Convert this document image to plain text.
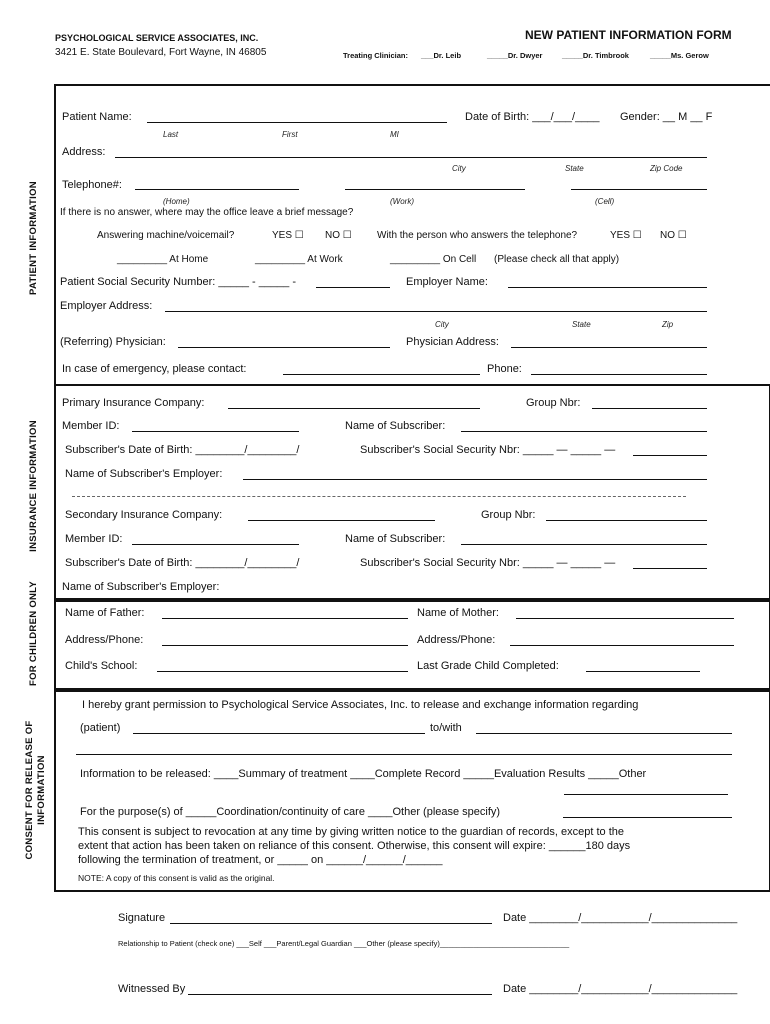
PSYCHOLOGICAL SERVICE ASSOCIATES, INC.
3421 E. State Boulevard, Fort Wayne, IN 46805
NEW PATIENT INFORMATION FORM
Treating Clinician: ___Dr. Leib	_____Dr. Dwyer	_____Dr. Timbrook	_____Ms. Gerow
PATIENT INFORMATION
INSURANCE INFORMATION
FOR CHILDREN ONLY
CONSENT FOR RELEASE OF INFORMATION
Patient Name:
Last	First	MI
Date of Birth: ___/___/____ Gender: __ M __ F
Address:
City	State	Zip Code
Telephone#:
(Home)	(Work)	(Cell)
If there is no answer, where may the office leave a brief message?
Answering machine/voicemail?	YES ☐ NO ☐	With the person who answers the telephone?	YES ☐ NO ☐
_________ At Home	_________ At Work	_________ On Cell (Please check all that apply)
Patient Social Security Number: _____ - _____ -	Employer Name:
Employer Address:
City	State	Zip
(Referring) Physician:	Physician Address:
In case of emergency, please contact:	Phone:
Primary Insurance Company:	Group Nbr:
Member ID:	Name of Subscriber:
Subscriber's Date of Birth: ________/________/	Subscriber's Social Security Nbr: _____ — _____ —
Name of Subscriber's Employer:
Secondary Insurance Company:	Group Nbr:
Member ID:	Name of Subscriber:
Subscriber's Date of Birth: ________/________/	Subscriber's Social Security Nbr: _____ — _____ —
Name of Subscriber's Employer:
Name of Father:	Name of Mother:
Address/Phone:	Address/Phone:
Child's School:	Last Grade Child Completed:
I hereby grant permission to Psychological Service Associates, Inc. to release and exchange information regarding
(patient)	to/with
Information to be released: ____Summary of treatment ____Complete Record _____Evaluation Results _____Other
For the purpose(s) of _____Coordination/continuity of care ____Other (please specify)
This consent is subject to revocation at any time by giving written notice to the guardian of records, except to the
extent that action has been taken on reliance of this consent. Otherwise, this consent will expire: ______180 days
following the termination of treatment, or _____ on ______/______/______
NOTE: A copy of this consent is valid as the original.
Signature	Date ________/___________/______________
Relationship to Patient (check one) ___Self ___Parent/Legal Guardian ___Other (please specify)_______________________________
Witnessed By	Date ________/___________/______________
